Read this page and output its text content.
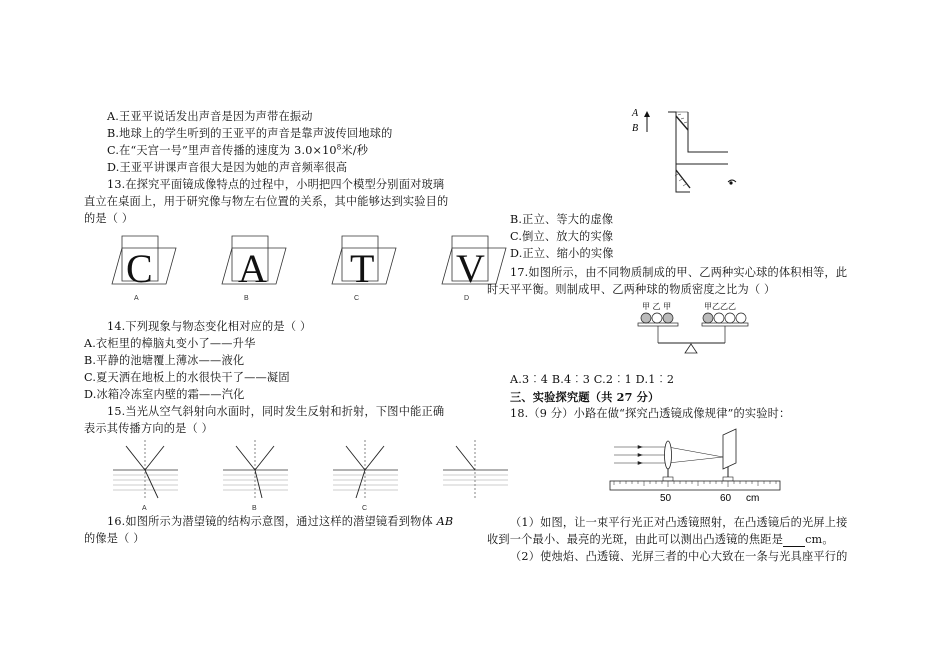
A.王亚平说话发出声音是因为声带在振动
B.地球上的学生听到的王亚平的声音是靠声波传回地球的
C.在“天宫一号”里声音传播的速度为 $3.0\times 10^8$米/秒
D.王亚平讲课声音很大是因为她的声音频率很高
13.在探究平面镜成像特点的过程中，小明把四个模型分别面对玻璃
直立在桌面上，用于研究像与物左右位置的关系，其中能够达到实验目的
的是（ ）
C
A
A
B
T
C
V
D
14.下列现象与物态变化相对应的是（ ）
A.衣柜里的樟脑丸变小了——升华
B.平静的池塘覆上薄冰——液化
C.夏天洒在地板上的水很快干了——凝固
D.冰箱冷冻室内壁的霜——汽化
15.当光从空气斜射向水面时，同时发生反射和折射，下图中能正确
表示其传播方向的是（ ）
A	B	C
16.如图所示为潜望镜的结构示意图，通过这样的潜望镜看到物体 AB
的像是（ ）
A
B
B.正立、等大的虚像
C.倒立、放大的实像
D.正立、缩小的实像
17.如图所示，由不同物质制成的甲、乙两种实心球的体积相等，此
时天平平衡。则制成甲、乙两种球的物质密度之比为（ ）
甲 乙 甲	甲乙乙乙
A.3︰4 B.4︰3 C.2︰1 D.1︰2
三、实验探究题（共 27 分）
18.（9 分）小路在做“探究凸透镜成像规律”的实验时：
50	60 cm
（1）如图，让一束平行光正对凸透镜照射，在凸透镜后的光屏上接
收到一个最小、最亮的光斑，由此可以测出凸透镜的焦距是 cm。
（2）使烛焰、凸透镜、光屏三者的中心大致在一条与光具座平行的
